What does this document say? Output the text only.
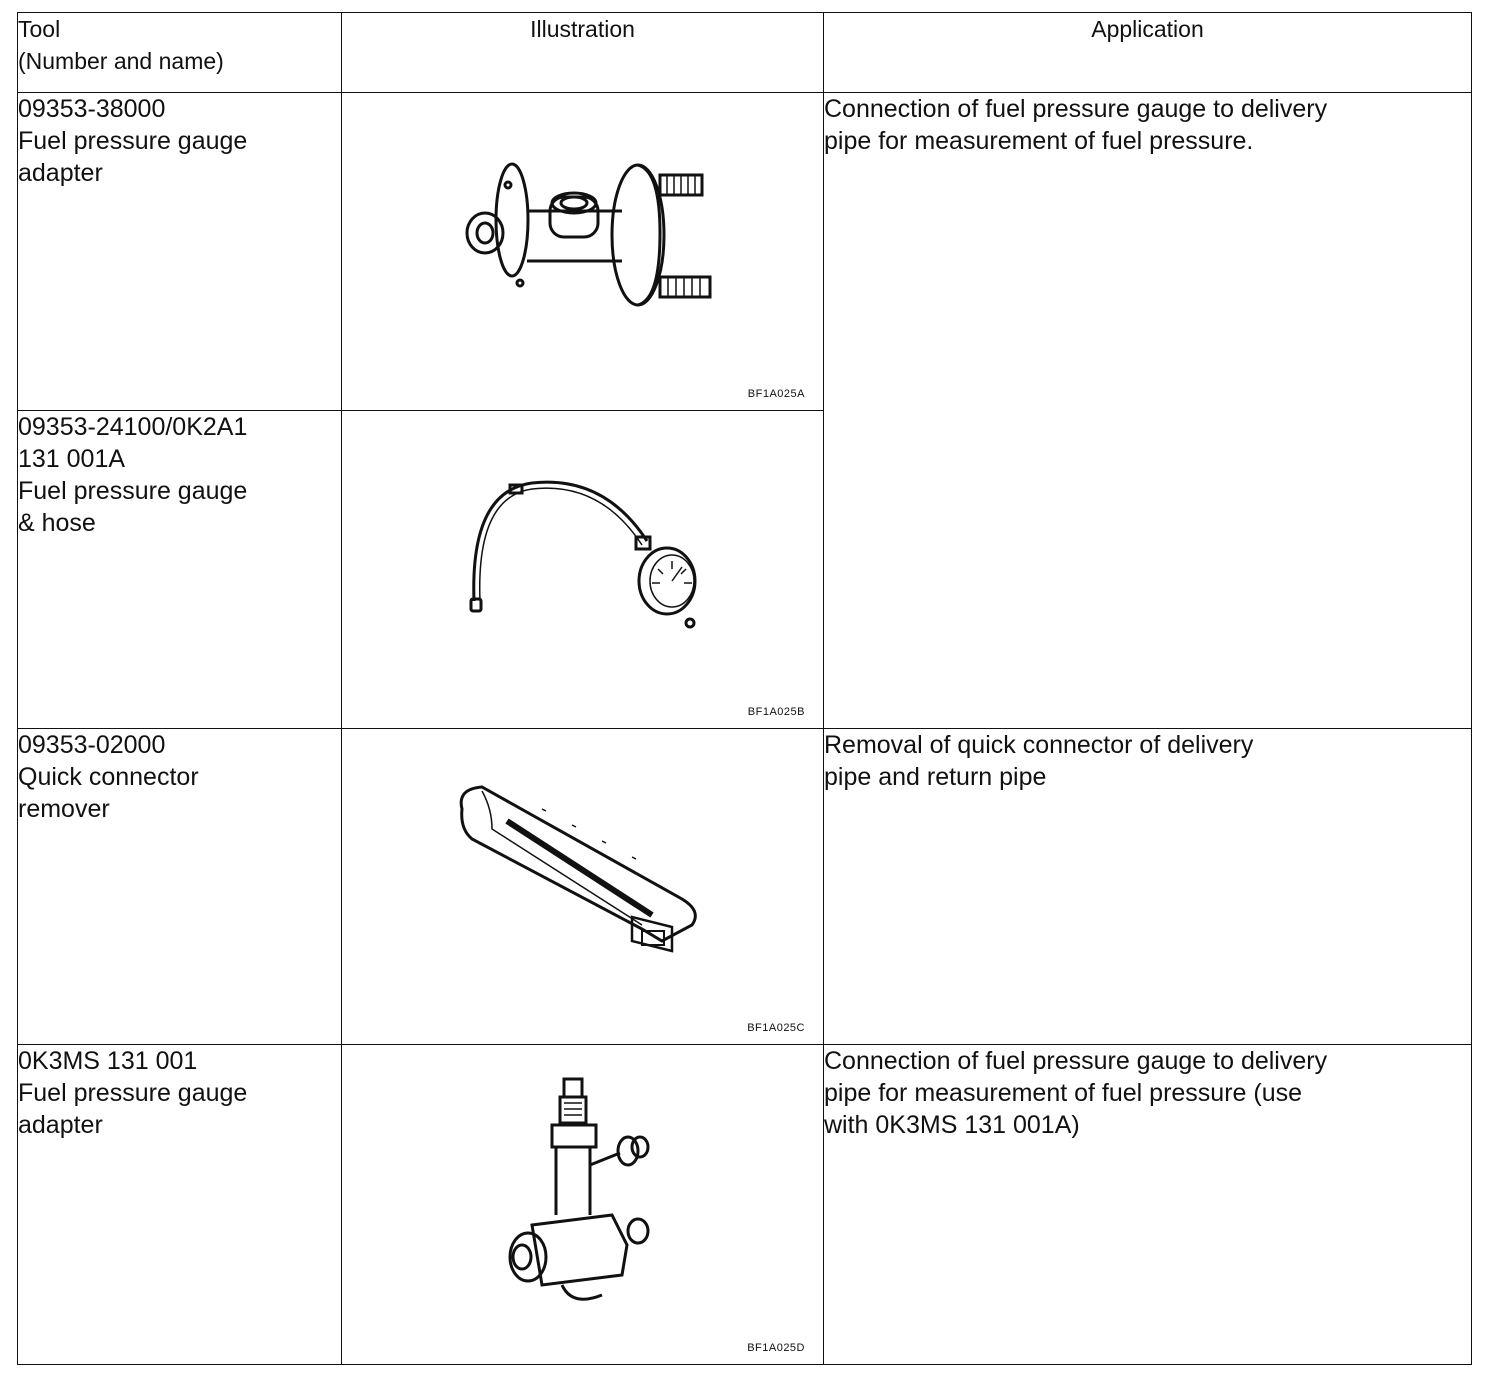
Tool
(Number and name)	Illustration	Application

09353-38000
Fuel pressure gauge
adapter	BF1A025A	Connection of fuel pressure gauge to delivery
pipe for measurement of fuel pressure.

09353-24100/0K2A1
131 001A
Fuel pressure gauge
& hose	BF1A025B	

09353-02000
Quick connector
remover	BF1A025C	Removal of quick connector of delivery
pipe and return pipe

0K3MS 131 001
Fuel pressure gauge
adapter	BF1A025D	Connection of fuel pressure gauge to delivery
pipe for measurement of fuel pressure (use
with 0K3MS 131 001A)
